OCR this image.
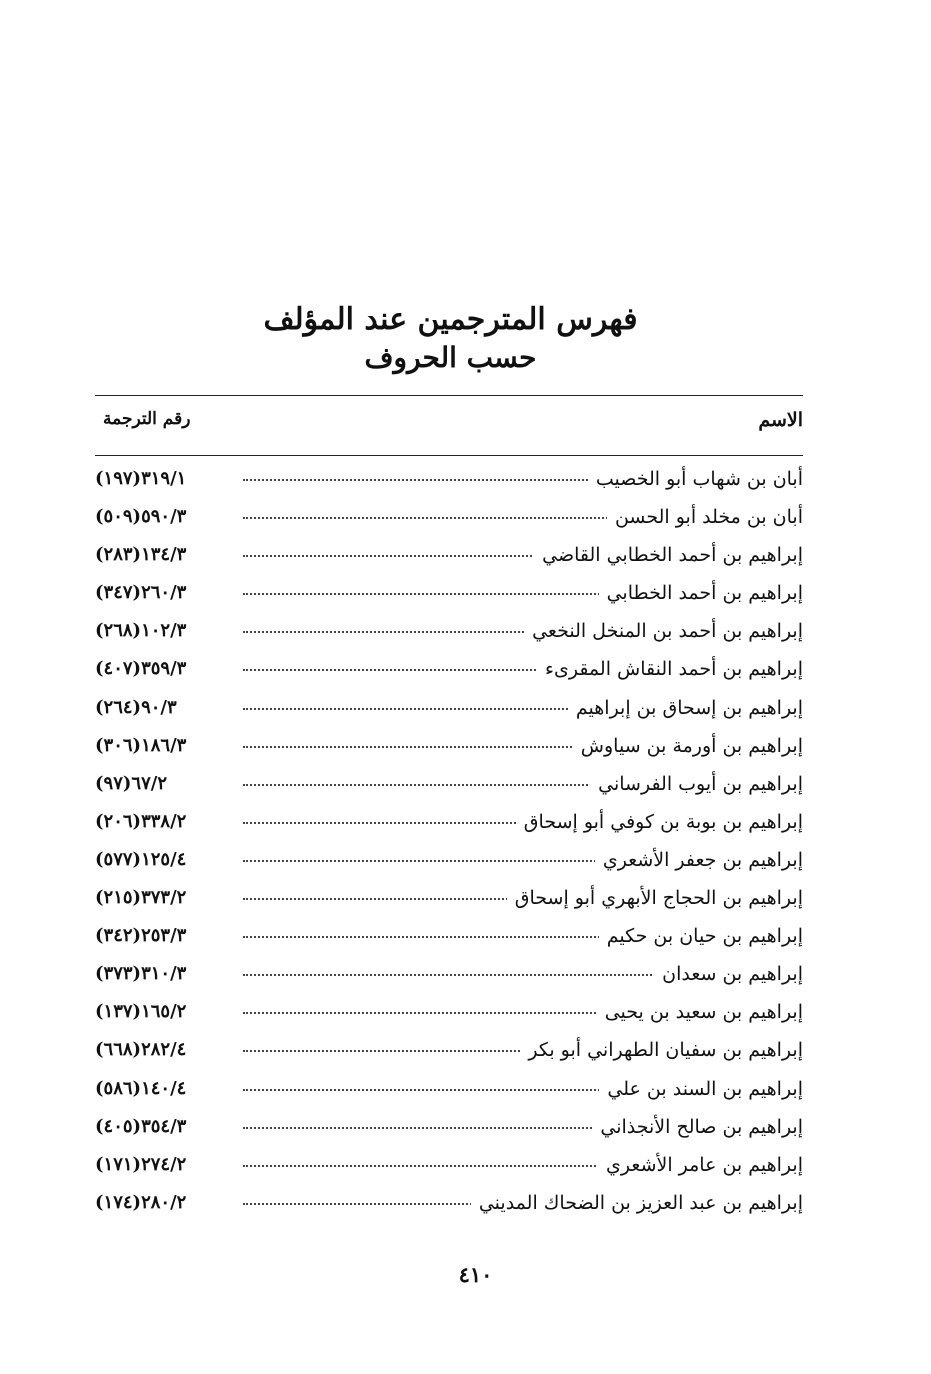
فهرس المترجمين عند المؤلف
حسب الحروف
الاسم
رقم الترجمة
أبان بن شهاب أبو الخصيب
(١٩٧)٣١٩/١
أبان بن مخلد أبو الحسن
(٥٠٩)٥٩٠/٣
إبراهيم بن أحمد الخطابي القاضي
(٢٨٣)١٣٤/٣
إبراهيم بن أحمد الخطابي
(٣٤٧)٢٦٠/٣
إبراهيم بن أحمد بن المنخل النخعي
(٢٦٨)١٠٢/٣
إبراهيم بن أحمد النقاش المقرىء
(٤٠٧)٣٥٩/٣
إبراهيم بن إسحاق بن إبراهيم
(٢٦٤)٩٠/٣
إبراهيم بن أورمة بن سياوش
(٣٠٦)١٨٦/٣
إبراهيم بن أيوب الفرساني
(٩٧)٦٧/٢
إبراهيم بن بوبة بن كوفي أبو إسحاق
(٢٠٦)٣٣٨/٢
إبراهيم بن جعفر الأشعري
(٥٧٧)١٢٥/٤
إبراهيم بن الحجاج الأبهري أبو إسحاق
(٢١٥)٣٧٣/٢
إبراهيم بن حيان بن حكيم
(٣٤٢)٢٥٣/٣
إبراهيم بن سعدان
(٣٧٣)٣١٠/٣
إبراهيم بن سعيد بن يحيى
(١٣٧)١٦٥/٢
إبراهيم بن سفيان الطهراني أبو بكر
(٦٦٨)٢٨٢/٤
إبراهيم بن السند بن علي
(٥٨٦)١٤٠/٤
إبراهيم بن صالح الأنجذاني
(٤٠٥)٣٥٤/٣
إبراهيم بن عامر الأشعري
(١٧١)٢٧٤/٢
إبراهيم بن عبد العزيز بن الضحاك المديني
(١٧٤)٢٨٠/٢
٤١٠
